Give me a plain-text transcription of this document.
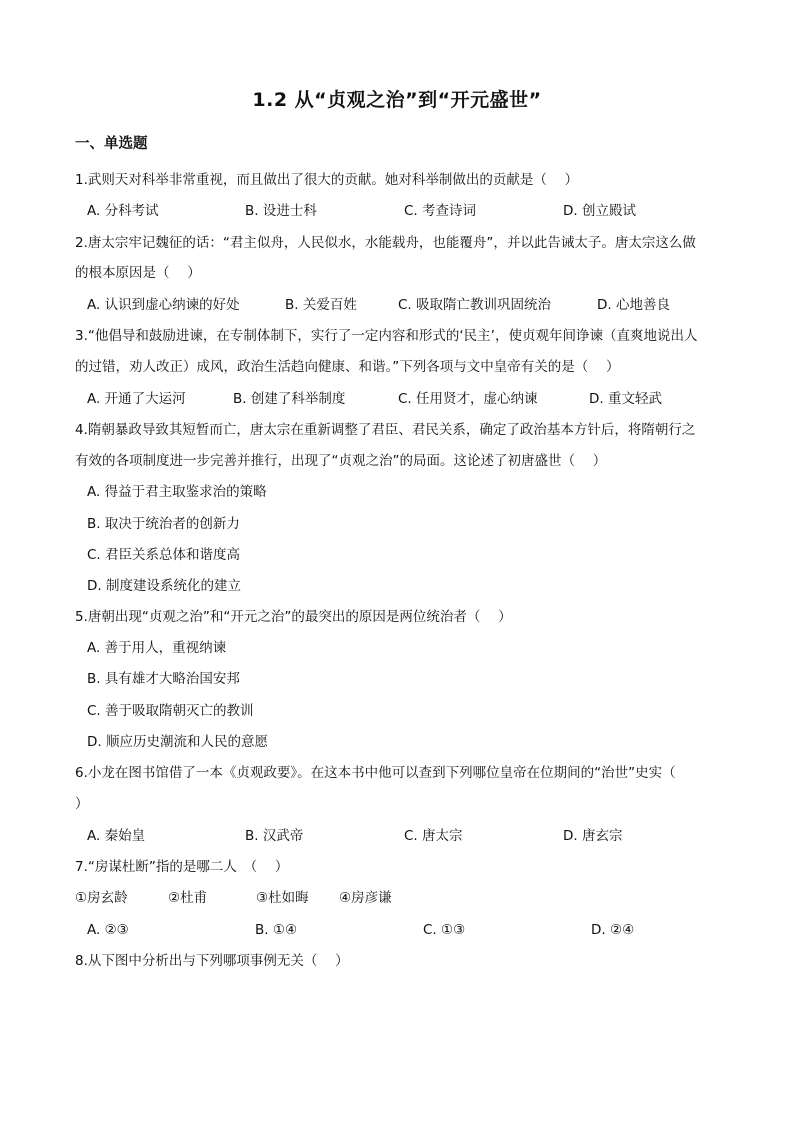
1.2 从“贞观之治”到“开元盛世”
一、单选题
1.武则天对科举非常重视，而且做出了很大的贡献。她对科举制做出的贡献是（　 ）
A. 分科考试	B. 设进士科	C. 考查诗词	D. 创立殿试
2.唐太宗牢记魏征的话：“君主似舟，人民似水，水能载舟，也能覆舟”，并以此告诫太子。唐太宗这么做
的根本原因是（　 ）
A. 认识到虚心纳谏的好处	B. 关爱百姓	C. 吸取隋亡教训巩固统治	D. 心地善良
3.“他倡导和鼓励进谏，在专制体制下，实行了一定内容和形式的‘民主’，使贞观年间诤谏（直爽地说出人
的过错，劝人改正）成风，政治生活趋向健康、和谐。”下列各项与文中皇帝有关的是（　 ）
A. 开通了大运河	B. 创建了科举制度	C. 任用贤才，虚心纳谏	D. 重文轻武
4.隋朝暴政导致其短暂而亡，唐太宗在重新调整了君臣、君民关系，确定了政治基本方针后，将隋朝行之
有效的各项制度进一步完善并推行，出现了“贞观之治”的局面。这论述了初唐盛世（　 ）
A. 得益于君主取鉴求治的策略
B. 取决于统治者的创新力
C. 君臣关系总体和谐度高
D. 制度建设系统化的建立
5.唐朝出现“贞观之治”和“开元之治”的最突出的原因是两位统治者（　 ）
A. 善于用人，重视纳谏
B. 具有雄才大略治国安邦
C. 善于吸取隋朝灭亡的教训
D. 顺应历史潮流和人民的意愿
6.小龙在图书馆借了一本《贞观政要》。在这本书中他可以查到下列哪位皇帝在位期间的“治世”史实（
）
A. 秦始皇	B. 汉武帝	C. 唐太宗	D. 唐玄宗
7.“房谋杜断”指的是哪二人　（　 ）
①房玄龄	②杜甫	③杜如晦 ④房彦谦
A. ②③	B. ①④	C. ①③	D. ②④
8.从下图中分析出与下列哪项事例无关（　 ）
